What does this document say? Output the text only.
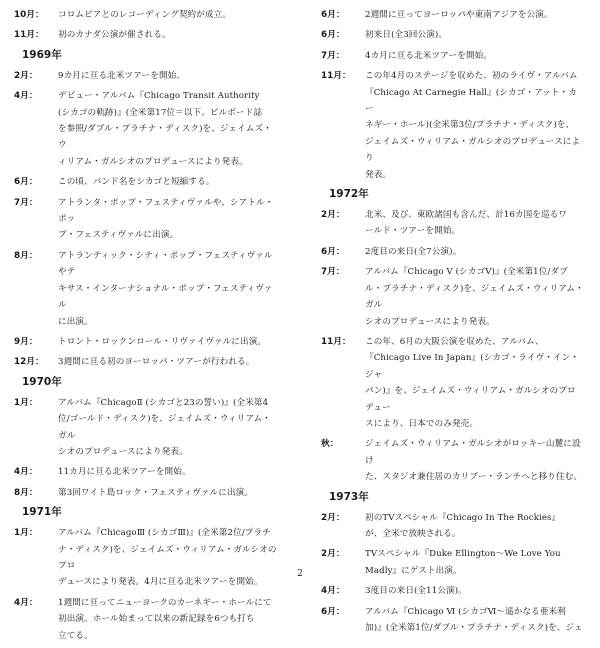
10月：	コロムビアとのレコーディング契約が成立。
11月：	初のカナダ公演が催される。
1969年
2月：	9カ月に亘る北米ツアーを開始。
4月：	デビュー・アルバム『Chicago Transit Authority
(シカゴの軌跡)』(全米第17位＝以下、ビルボード誌
を参照/ダブル・プラチナ・ディスク)を、ジェイムズ・ウ
ィリアム・ガルシオのプロデュースにより発表。
6月：	この頃、バンド名をシカゴと短縮する。
7月：	アトランタ・ポップ・フェスティヴァルや、シアトル・ポッ
プ・フェスティヴァルに出演。
8月：	アトランティック・シティ・ポップ・フェスティヴァルやテ
キサス・インターナショナル・ポップ・フェスティヴァル
に出演。
9月：	トロント・ロックンロール・リヴァイヴァルに出演。
12月：	3週間に亘る初のヨーロッパ・ツアーが行われる。
1970年
1月：	アルバム『ChicagoⅡ (シカゴと23の誓い)』(全米第4
位/ゴールド・ディスク)を、ジェイムズ・ウィリアム・ガル
シオのプロデュースにより発表。
4月：	11カ月に亘る北米ツアーを開始。
8月：	第3回ワイト島ロック・フェスティヴァルに出演。
1971年
1月：	アルバム『ChicagoⅢ (シカゴⅢ)』(全米第2位/プラチ
ナ・ディスク)を、ジェイムズ・ウィリアム・ガルシオのプロ
デュースにより発表。4月に亘る北米ツアーを開始。
4月：	1週間に亘ってニューヨークのカーネギー・ホールにて
初出演。ホール始まって以来の新記録を6つも打ち
立てる。
6月：	2週間に亘ってヨーロッパや東南アジアを公演。
6月：	初来日(全3回公演)。
7月：	4カ月に亘る北米ツアーを開始。
11月：	この年4月のステージを収めた、初のライヴ・アルバム
『Chicago At Carnegie Hall』(シカゴ・アット・カー
ネギー・ホール)(全米第3位/プラチナ・ディスク)を、
ジェイムズ・ウィリアム・ガルシオのプロデュースにより
発表。
1972年
2月：	北米、及び、東欧諸国も含んだ、計16カ国を巡るワ
ールド・ツアーを開始。
6月：	2度目の来日(全7公演)。
7月：	アルバム『Chicago V (シカゴV)』(全米第1位/ダブ
ル・プラチナ・ディスク)を、ジェイムズ・ウィリアム・ガル
シオのプロデュースにより発表。
11月：	この年、6月の大阪公演を収めた、アルバム、
『Chicago Live In Japan』(シカゴ・ライヴ・イン・ジャ
パン)』を、ジェイムズ・ウィリアム・ガルシオのプロデュー
スにより、日本でのみ発売。
秋：	ジェイムズ・ウィリアム・ガルシオがロッキー山麓に設け
た、スタジオ兼住居のカリブー・ランチへと移り住む。
1973年
2月：	初のTVスペシャル『Chicago In The Rockies』
が、全米で放映される。
2月：	TVスペシャル『Duke Ellington～We Love You
Madly』にゲスト出演。
4月：	3度目の来日(全11公演)。
6月：	アルバム『Chicago Ⅵ (シカゴⅥ～遥かなる亜米利
加)』(全米第1位/ダブル・プラチナ・ディスク)を、ジェ
2
